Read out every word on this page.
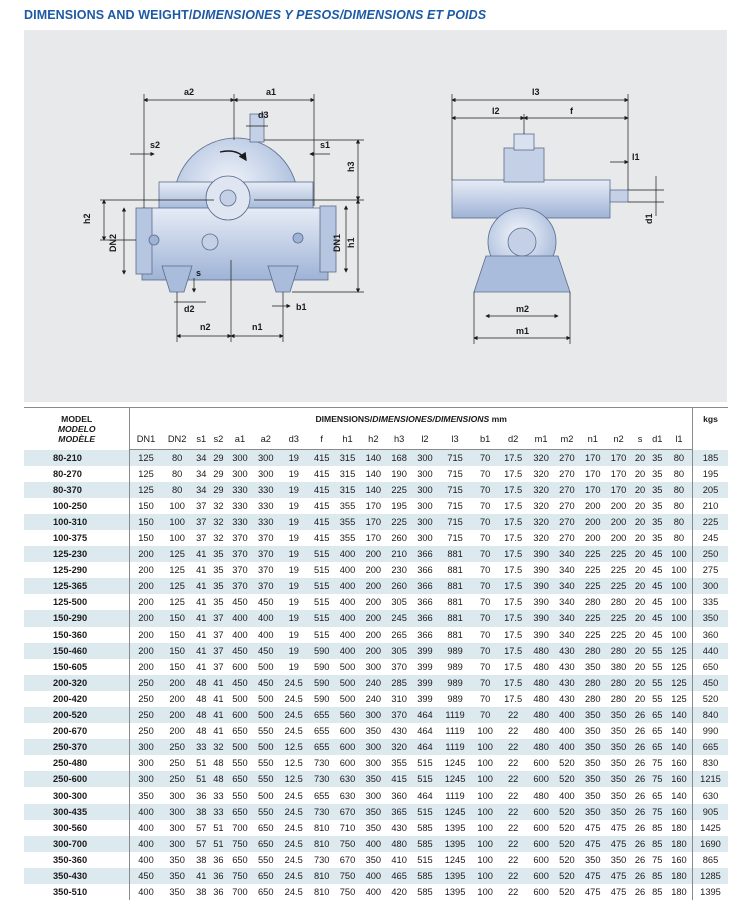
DIMENSIONS AND WEIGHT/DIMENSIONES Y PESOS/DIMENSIONS ET POIDS
a2	a1
d3
s2	s1
h3
h2
DN2	DN1 h1
s
d2	b1
n2	n1
l3
l2	f
l1
d1
m2
m1
MODEL
MODELO
MODÈLE	DIMENSIONS/DIMENSIONES/DIMENSIONS mm																						kgs
	DN1	DN2	s1	s2	a1	a2	d3	f	h1	h2	h3	l2	l3	b1	d2	m1	m2	n1	n2	s	d1	l1	
80-210	125	80	34	29	300	300	19	415	315	140	168	300	715	70	17.5	320	270	170	170	20	35	80	185
80-270	125	80	34	29	300	300	19	415	315	140	190	300	715	70	17.5	320	270	170	170	20	35	80	195
80-370	125	80	34	29	330	330	19	415	315	140	225	300	715	70	17.5	320	270	170	170	20	35	80	205
100-250	150	100	37	32	330	330	19	415	355	170	195	300	715	70	17.5	320	270	200	200	20	35	80	210
100-310	150	100	37	32	330	330	19	415	355	170	225	300	715	70	17.5	320	270	200	200	20	35	80	225
100-375	150	100	37	32	370	370	19	415	355	170	260	300	715	70	17.5	320	270	200	200	20	35	80	245
125-230	200	125	41	35	370	370	19	515	400	200	210	366	881	70	17.5	390	340	225	225	20	45	100	250
125-290	200	125	41	35	370	370	19	515	400	200	230	366	881	70	17.5	390	340	225	225	20	45	100	275
125-365	200	125	41	35	370	370	19	515	400	200	260	366	881	70	17.5	390	340	225	225	20	45	100	300
125-500	200	125	41	35	450	450	19	515	400	200	305	366	881	70	17.5	390	340	280	280	20	45	100	335
150-290	200	150	41	37	400	400	19	515	400	200	245	366	881	70	17.5	390	340	225	225	20	45	100	350
150-360	200	150	41	37	400	400	19	515	400	200	265	366	881	70	17.5	390	340	225	225	20	45	100	360
150-460	200	150	41	37	450	450	19	590	400	200	305	399	989	70	17.5	480	430	280	280	20	55	125	440
150-605	200	150	41	37	600	500	19	590	500	300	370	399	989	70	17.5	480	430	350	380	20	55	125	650
200-320	250	200	48	41	450	450	24.5	590	500	240	285	399	989	70	17.5	480	430	280	280	20	55	125	450
200-420	250	200	48	41	500	500	24.5	590	500	240	310	399	989	70	17.5	480	430	280	280	20	55	125	520
200-520	250	200	48	41	600	500	24.5	655	560	300	370	464	1119	70	22	480	400	350	350	26	65	140	840
200-670	250	200	48	41	650	550	24.5	655	600	350	430	464	1119	100	22	480	400	350	350	26	65	140	990
250-370	300	250	33	32	500	500	12.5	655	600	300	320	464	1119	100	22	480	400	350	350	26	65	140	665
250-480	300	250	51	48	550	550	12.5	730	600	300	355	515	1245	100	22	600	520	350	350	26	75	160	830
250-600	300	250	51	48	650	550	12.5	730	630	350	415	515	1245	100	22	600	520	350	350	26	75	160	1215
300-300	350	300	36	33	550	500	24.5	655	630	300	360	464	1119	100	22	480	400	350	350	26	65	140	630
300-435	400	300	38	33	650	550	24.5	730	670	350	365	515	1245	100	22	600	520	350	350	26	75	160	905
300-560	400	300	57	51	700	650	24.5	810	710	350	430	585	1395	100	22	600	520	475	475	26	85	180	1425
300-700	400	300	57	51	750	650	24.5	810	750	400	480	585	1395	100	22	600	520	475	475	26	85	180	1690
350-360	400	350	38	36	650	550	24.5	730	670	350	410	515	1245	100	22	600	520	350	350	26	75	160	865
350-430	450	350	41	36	750	650	24.5	810	750	400	465	585	1395	100	22	600	520	475	475	26	85	180	1285
350-510	400	350	38	36	700	650	24.5	810	750	400	420	585	1395	100	22	600	520	475	475	26	85	180	1395
